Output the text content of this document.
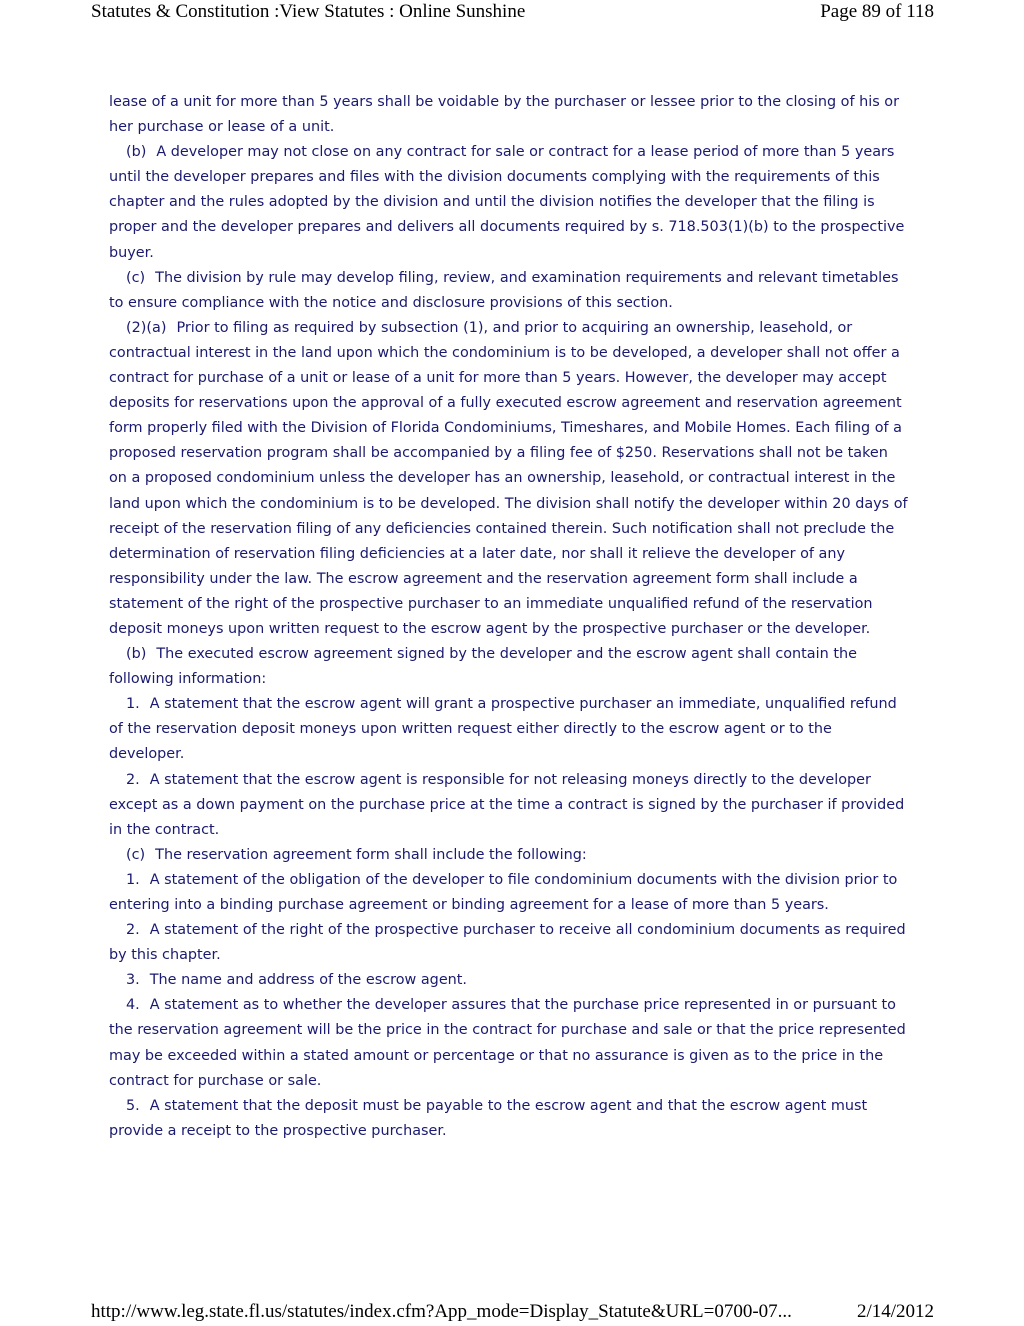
Statutes & Constitution :View Statutes : Online Sunshine	Page 89 of 118

lease of a unit for more than 5 years shall be voidable by the purchaser or lessee prior to the closing of his or her purchase or lease of a unit.

(b) A developer may not close on any contract for sale or contract for a lease period of more than 5 years until the developer prepares and files with the division documents complying with the requirements of this chapter and the rules adopted by the division and until the division notifies the developer that the filing is proper and the developer prepares and delivers all documents required by s. 718.503(1)(b) to the prospective buyer.

(c) The division by rule may develop filing, review, and examination requirements and relevant timetables to ensure compliance with the notice and disclosure provisions of this section.

(2)(a) Prior to filing as required by subsection (1), and prior to acquiring an ownership, leasehold, or contractual interest in the land upon which the condominium is to be developed, a developer shall not offer a contract for purchase of a unit or lease of a unit for more than 5 years. However, the developer may accept deposits for reservations upon the approval of a fully executed escrow agreement and reservation agreement form properly filed with the Division of Florida Condominiums, Timeshares, and Mobile Homes. Each filing of a proposed reservation program shall be accompanied by a filing fee of $250. Reservations shall not be taken on a proposed condominium unless the developer has an ownership, leasehold, or contractual interest in the land upon which the condominium is to be developed. The division shall notify the developer within 20 days of receipt of the reservation filing of any deficiencies contained therein. Such notification shall not preclude the determination of reservation filing deficiencies at a later date, nor shall it relieve the developer of any responsibility under the law. The escrow agreement and the reservation agreement form shall include a statement of the right of the prospective purchaser to an immediate unqualified refund of the reservation deposit moneys upon written request to the escrow agent by the prospective purchaser or the developer.

(b) The executed escrow agreement signed by the developer and the escrow agent shall contain the following information:

1. A statement that the escrow agent will grant a prospective purchaser an immediate, unqualified refund of the reservation deposit moneys upon written request either directly to the escrow agent or to the developer.

2. A statement that the escrow agent is responsible for not releasing moneys directly to the developer except as a down payment on the purchase price at the time a contract is signed by the purchaser if provided in the contract.

(c) The reservation agreement form shall include the following:

1. A statement of the obligation of the developer to file condominium documents with the division prior to entering into a binding purchase agreement or binding agreement for a lease of more than 5 years.

2. A statement of the right of the prospective purchaser to receive all condominium documents as required by this chapter.

3. The name and address of the escrow agent.

4. A statement as to whether the developer assures that the purchase price represented in or pursuant to the reservation agreement will be the price in the contract for purchase and sale or that the price represented may be exceeded within a stated amount or percentage or that no assurance is given as to the price in the contract for purchase or sale.

5. A statement that the deposit must be payable to the escrow agent and that the escrow agent must provide a receipt to the prospective purchaser.

http://www.leg.state.fl.us/statutes/index.cfm?App_mode=Display_Statute&URL=0700-07...	2/14/2012
